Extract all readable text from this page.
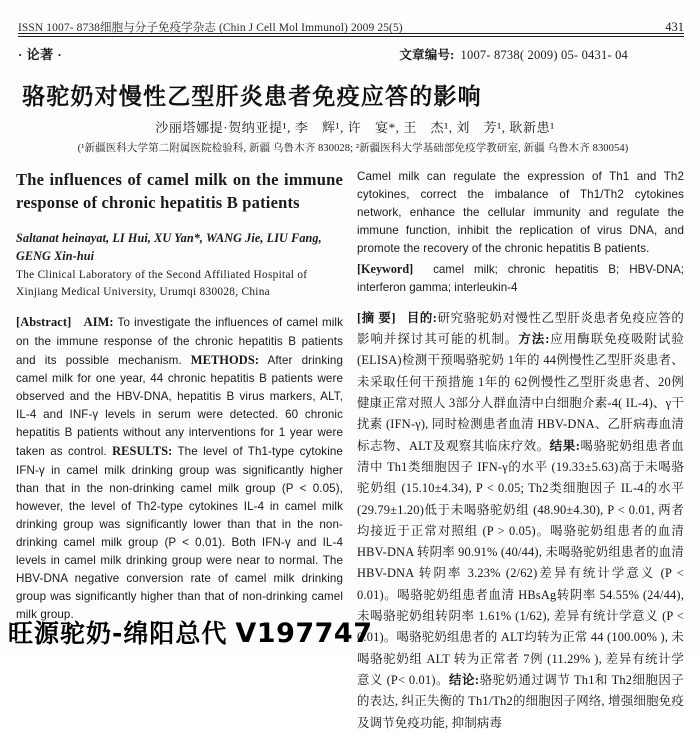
ISSN 1007- 8738细胞与分子免疫学杂志 (Chin J Cell Mol Immunol) 2009 25(5)	431
· 论著 ·	文章编号: 1007- 8738( 2009) 05- 0431- 04
骆驼奶对慢性乙型肝炎患者免疫应答的影响
沙丽塔娜提·贺纳亚提¹, 李　辉¹, 许　宴*, 王　杰¹, 刘　芳¹, 耿新患¹
(¹新疆医科大学第二附属医院检验科, 新疆 乌鲁木齐 830028; ²新疆医科大学基础部免疫学教研室, 新疆 乌鲁木齐 830054)
The influences of camel milk on the immune response of chronic hepatitis B patients
Saltanat heinayat, LI Hui, XU Yan*, WANG Jie, LIU Fang, GENG Xin-hui
The Clinical Laboratory of the Second Affiliated Hospital of Xinjiang Medical University, Urumqi 830028, China
[Abstract] AIM: To investigate the influences of camel milk on the immune response of the chronic hepatitis B patients and its possible mechanism. METHODS: After drinking camel milk for one year, 44 chronic hepatitis B patients were observed and the HBV-DNA, hepatitis B virus markers, ALT, IL-4 and INF-γ levels in serum were detected. 60 chronic hepatitis B patients without any interventions for 1 year were taken as control. RESULTS: The level of Th1-type cytokine IFN-γ in camel milk drinking group was significantly higher than that in the non-drinking camel milk group (P < 0.05), however, the level of Th2-type cytokines IL-4 in camel milk drinking group was significantly lower than that in the non-drinking camel milk group (P < 0.01). Both IFN-γ and IL-4 levels in camel milk drinking group were near to normal. The HBV-DNA negative conversion rate of camel milk drinking group was significantly higher than that of non-drinking camel milk group.
Camel milk can regulate the expression of Th1 and Th2 cytokines, correct the imbalance of Th1/Th2 cytokines network, enhance the cellular immunity and regulate the immune function, inhibit the replication of virus DNA, and promote the recovery of the chronic hepatitis B patients.
[Keyword] camel milk; chronic hepatitis B; HBV-DNA; interferon gamma; interleukin-4
[摘 要] 目的:研究骆驼奶对慢性乙型肝炎患者免疫应答的影响并探讨其可能的机制。方法:应用酶联免疫吸附试验 (ELISA)检测干预喝骆驼奶 1年的 44例慢性乙型肝炎患者、未采取任何干预措施 1年的 62例慢性乙型肝炎患者、20例健康正常对照人 3部分人群血清中白细胞介素-4( IL-4)、γ干扰素 (IFN-γ), 同时检测患者血清 HBV-DNA、乙肝病毒血清标志物、ALT及观察其临床疗效。结果:喝骆驼奶组患者血清中 Th1类细胞因子 IFN-γ的水平 (19.33±5.63)高于未喝骆驼奶组 (15.10±4.34), P < 0.05; Th2类细胞因子 IL-4的水平 (29.79±1.20)低于未喝骆驼奶组 (48.90±4.30), P < 0.01, 两者均接近于正常对照组 (P > 0.05)。喝骆驼奶组患者的血清 HBV-DNA 转阴率 90.91% (40/44), 未喝骆驼奶组患者的血清 HBV-DNA 转阴率 3.23% (2/62)差异有统计学意义 (P < 0.01)。喝骆驼奶组患者血清 HBsAg转阴率 54.55% (24/44), 未喝骆驼奶组转阴率 1.61% (1/62), 差异有统计学意义 (P < 0.01)。喝骆驼奶组患者的 ALT均转为正常 44 (100.00% ), 未喝骆驼奶组 ALT 转为正常者 7例 (11.29% ), 差异有统计学意义 (P< 0.01)。结论:骆驼奶通过调节 Th1和 Th2细胞因子的表达, 纠正失衡的 Th1/Th2的细胞因子网络, 增强细胞免疫及调节免疫功能, 抑制病毒
旺源驼奶-绵阳总代 V197747
